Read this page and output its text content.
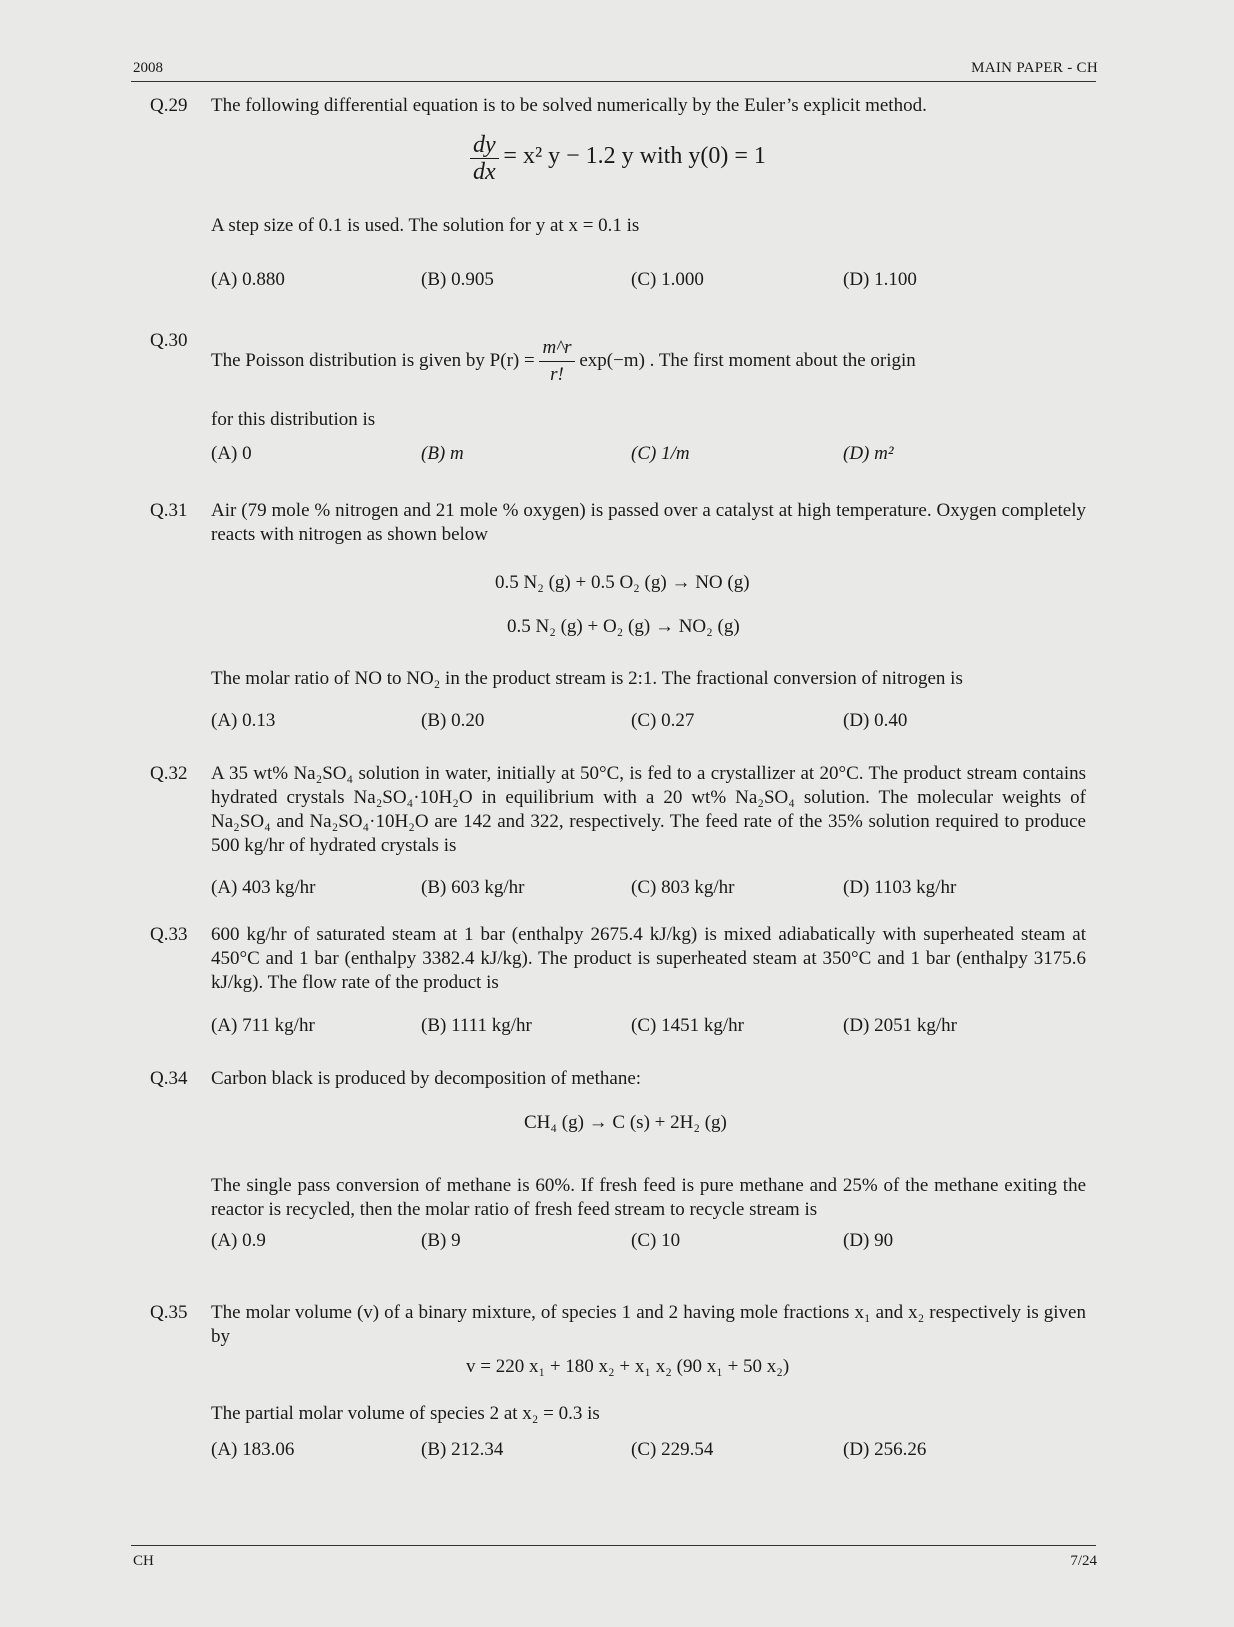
2008	MAIN PAPER - CH
Q.29 The following differential equation is to be solved numerically by the Euler’s explicit method.
$\frac{dy}{dx} = x^2$ y − 1.2 y with y(0) = 1
A step size of 0.1 is used. The solution for y at x = 0.1 is
(A) 0.880	(B) 0.905	(C) 1.000	(D) 1.100
Q.30
The Poisson distribution is given by $P(r) = \frac{m\^{}r}{r!} \exp(-m)$ . The first moment about the origin
for this distribution is
(A) 0	(B) m	(C) 1/m	(D) m²
Q.31 Air (79 mole % nitrogen and 21 mole % oxygen) is passed over a catalyst at high temperature. Oxygen completely reacts with nitrogen as shown below
0.5 N₂ (g) + 0.5 O₂ (g) → NO (g)
0.5 N₂ (g) + O₂ (g) → NO₂ (g)
The molar ratio of NO to NO₂ in the product stream is 2:1. The fractional conversion of nitrogen is
(A) 0.13	(B) 0.20	(C) 0.27	(D) 0.40
Q.32 A 35 wt% Na₂SO₄ solution in water, initially at 50°C, is fed to a crystallizer at 20°C. The product stream contains hydrated crystals Na₂SO₄·10H₂O in equilibrium with a 20 wt% Na₂SO₄ solution. The molecular weights of Na₂SO₄ and Na₂SO₄·10H₂O are 142 and 322, respectively. The feed rate of the 35% solution required to produce 500 kg/hr of hydrated crystals is
(A) 403 kg/hr	(B) 603 kg/hr	(C) 803 kg/hr	(D) 1103 kg/hr
Q.33 600 kg/hr of saturated steam at 1 bar (enthalpy 2675.4 kJ/kg) is mixed adiabatically with superheated steam at 450°C and 1 bar (enthalpy 3382.4 kJ/kg). The product is superheated steam at 350°C and 1 bar (enthalpy 3175.6 kJ/kg). The flow rate of the product is
(A) 711 kg/hr	(B) 1111 kg/hr	(C) 1451 kg/hr	(D) 2051 kg/hr
Q.34 Carbon black is produced by decomposition of methane:
CH₄ (g) → C (s) + 2H₂ (g)
The single pass conversion of methane is 60%. If fresh feed is pure methane and 25% of the methane exiting the reactor is recycled, then the molar ratio of fresh feed stream to recycle stream is
(A) 0.9	(B) 9	(C) 10	(D) 90
Q.35 The molar volume (v) of a binary mixture, of species 1 and 2 having mole fractions x₁ and x₂ respectively is given by
v = 220 x₁ + 180 x₂ + x₁ x₂ (90 x₁ + 50 x₂)
The partial molar volume of species 2 at x₂ = 0.3 is
(A) 183.06	(B) 212.34	(C) 229.54	(D) 256.26
CH	7/24
